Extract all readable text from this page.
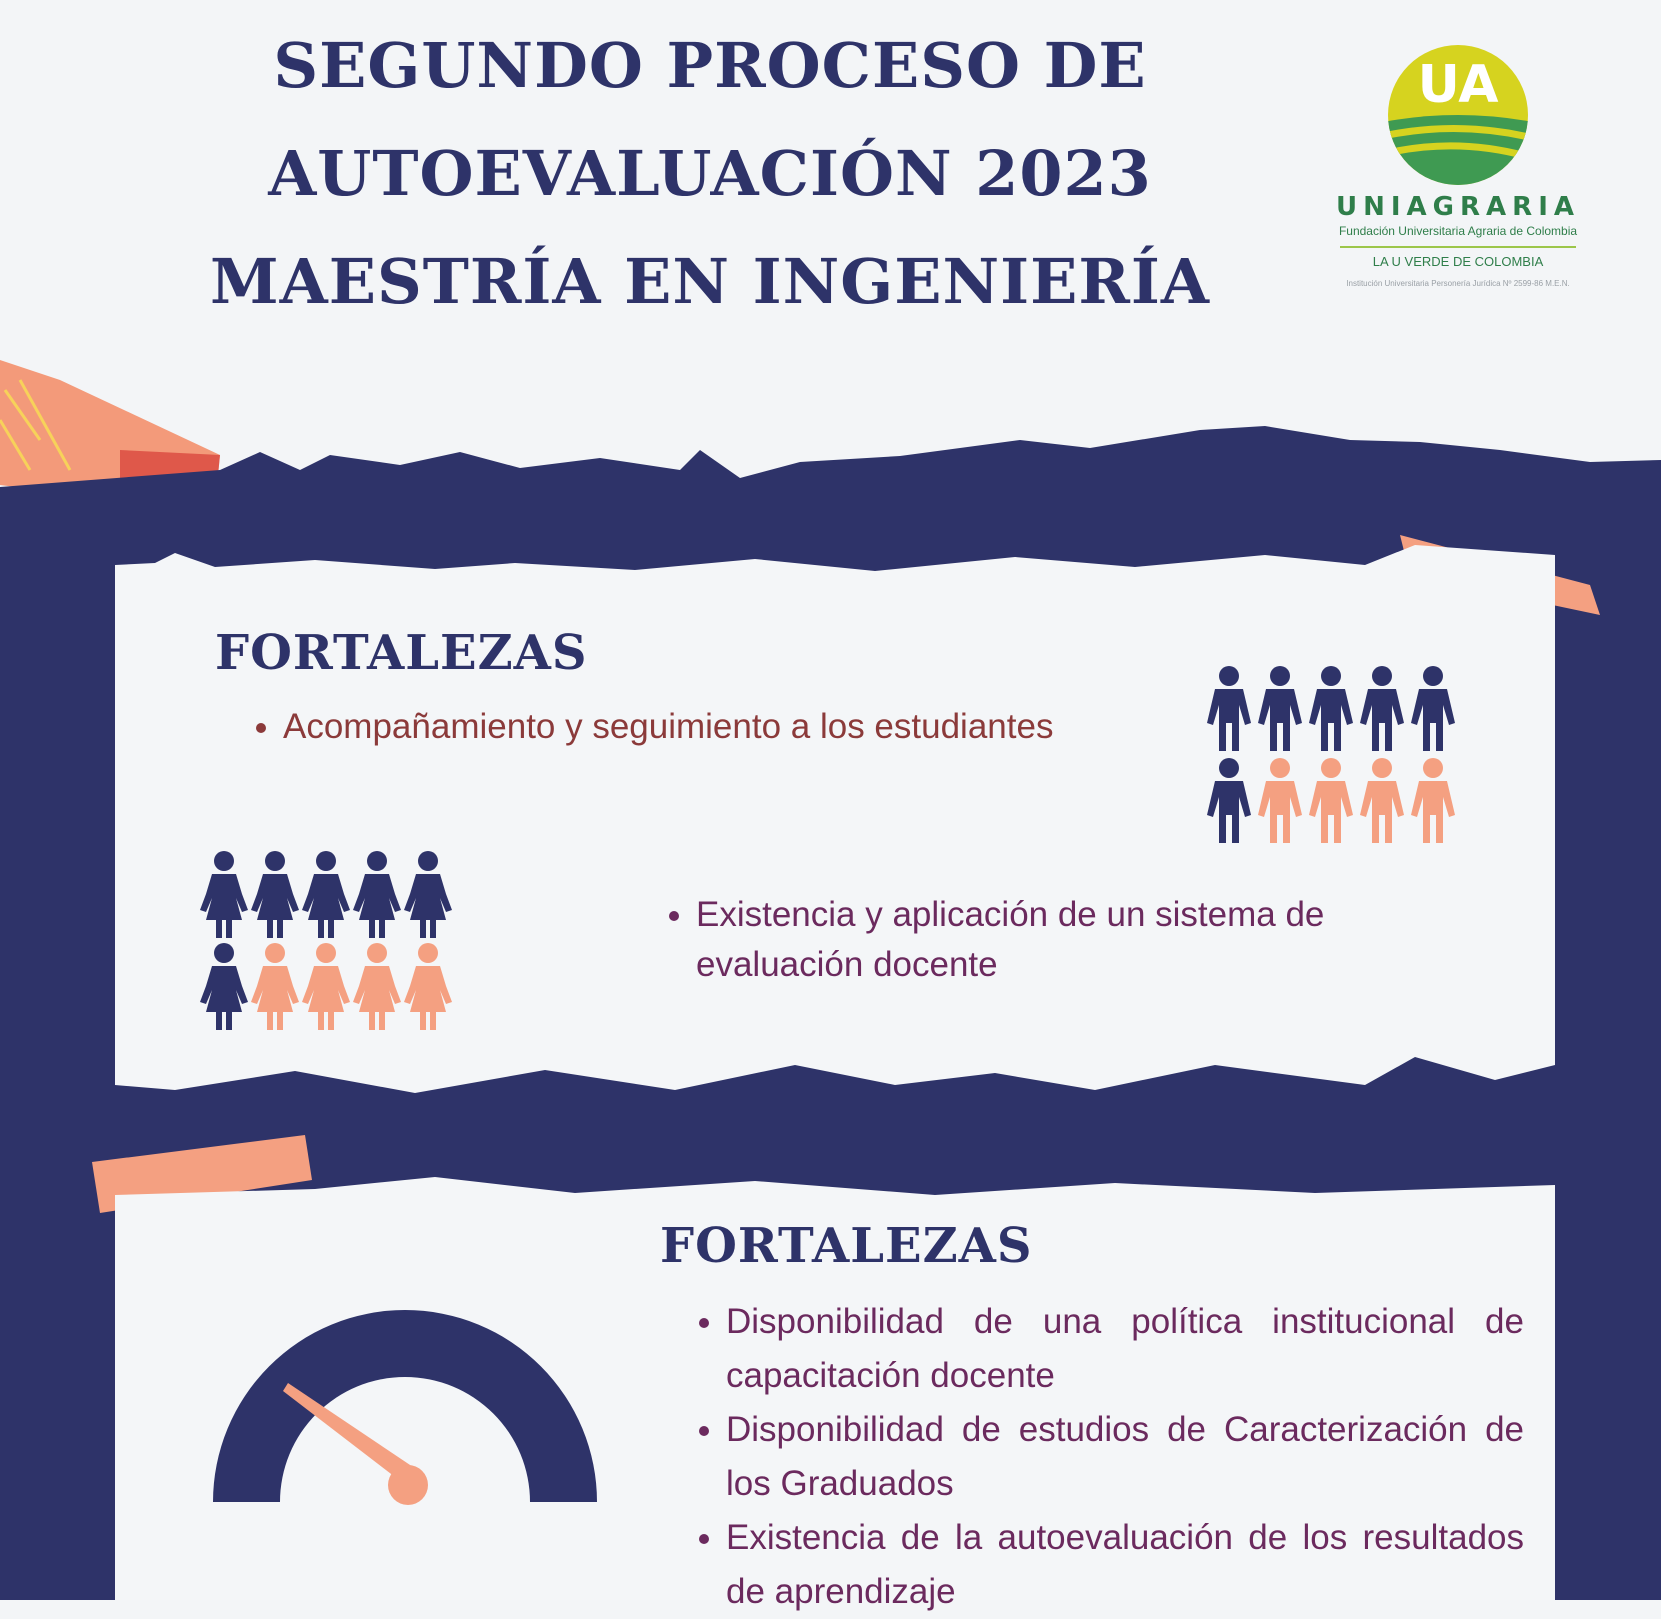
SEGUNDO PROCESO DE
AUTOEVALUACIÓN 2023
MAESTRÍA EN INGENIERÍA
UA
UNIAGRARIA
Fundación Universitaria Agraria de Colombia
LA U VERDE DE COLOMBIA
Institución Universitaria Personería Jurídica Nº 2599-86 M.E.N.
FORTALEZAS
• Acompañamiento y seguimiento a los estudiantes
• Existencia y aplicación de un sistema de evaluación docente
FORTALEZAS
• Disponibilidad de una política institucional de capacitación docente
• Disponibilidad de estudios de Caracterización de los Graduados
• Existencia de la autoevaluación de los resultados de aprendizaje
